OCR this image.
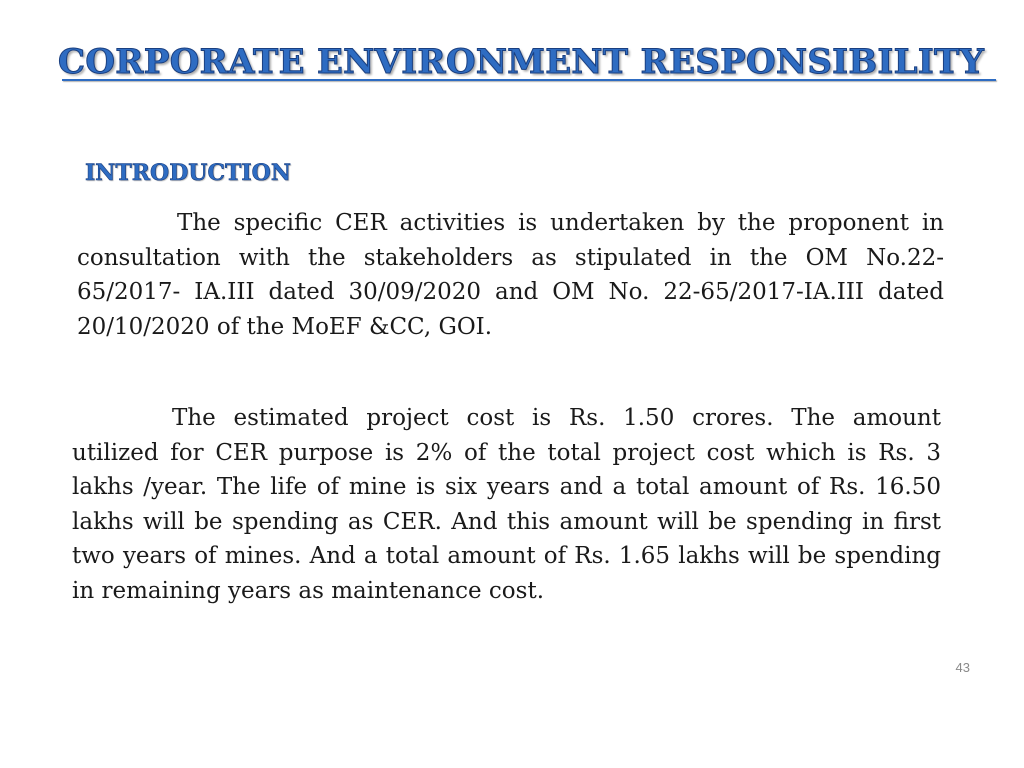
CORPORATE ENVIRONMENT RESPONSIBILITY
INTRODUCTION

The specific CER activities is undertaken by the proponent in consultation with the stakeholders as stipulated in the OM No.22-65/2017- IA.III dated 30/09/2020 and OM No. 22-65/2017-IA.III dated 20/10/2020 of the MoEF &CC, GOI.

The estimated project cost is Rs. 1.50 crores. The amount utilized for CER purpose is 2% of the total project cost which is Rs. 3 lakhs /year. The life of mine is six years and a total amount of Rs. 16.50 lakhs will be spending as CER. And this amount will be spending in first two years of mines. And a total amount of Rs. 1.65 lakhs will be spending in remaining years as maintenance cost.

43
